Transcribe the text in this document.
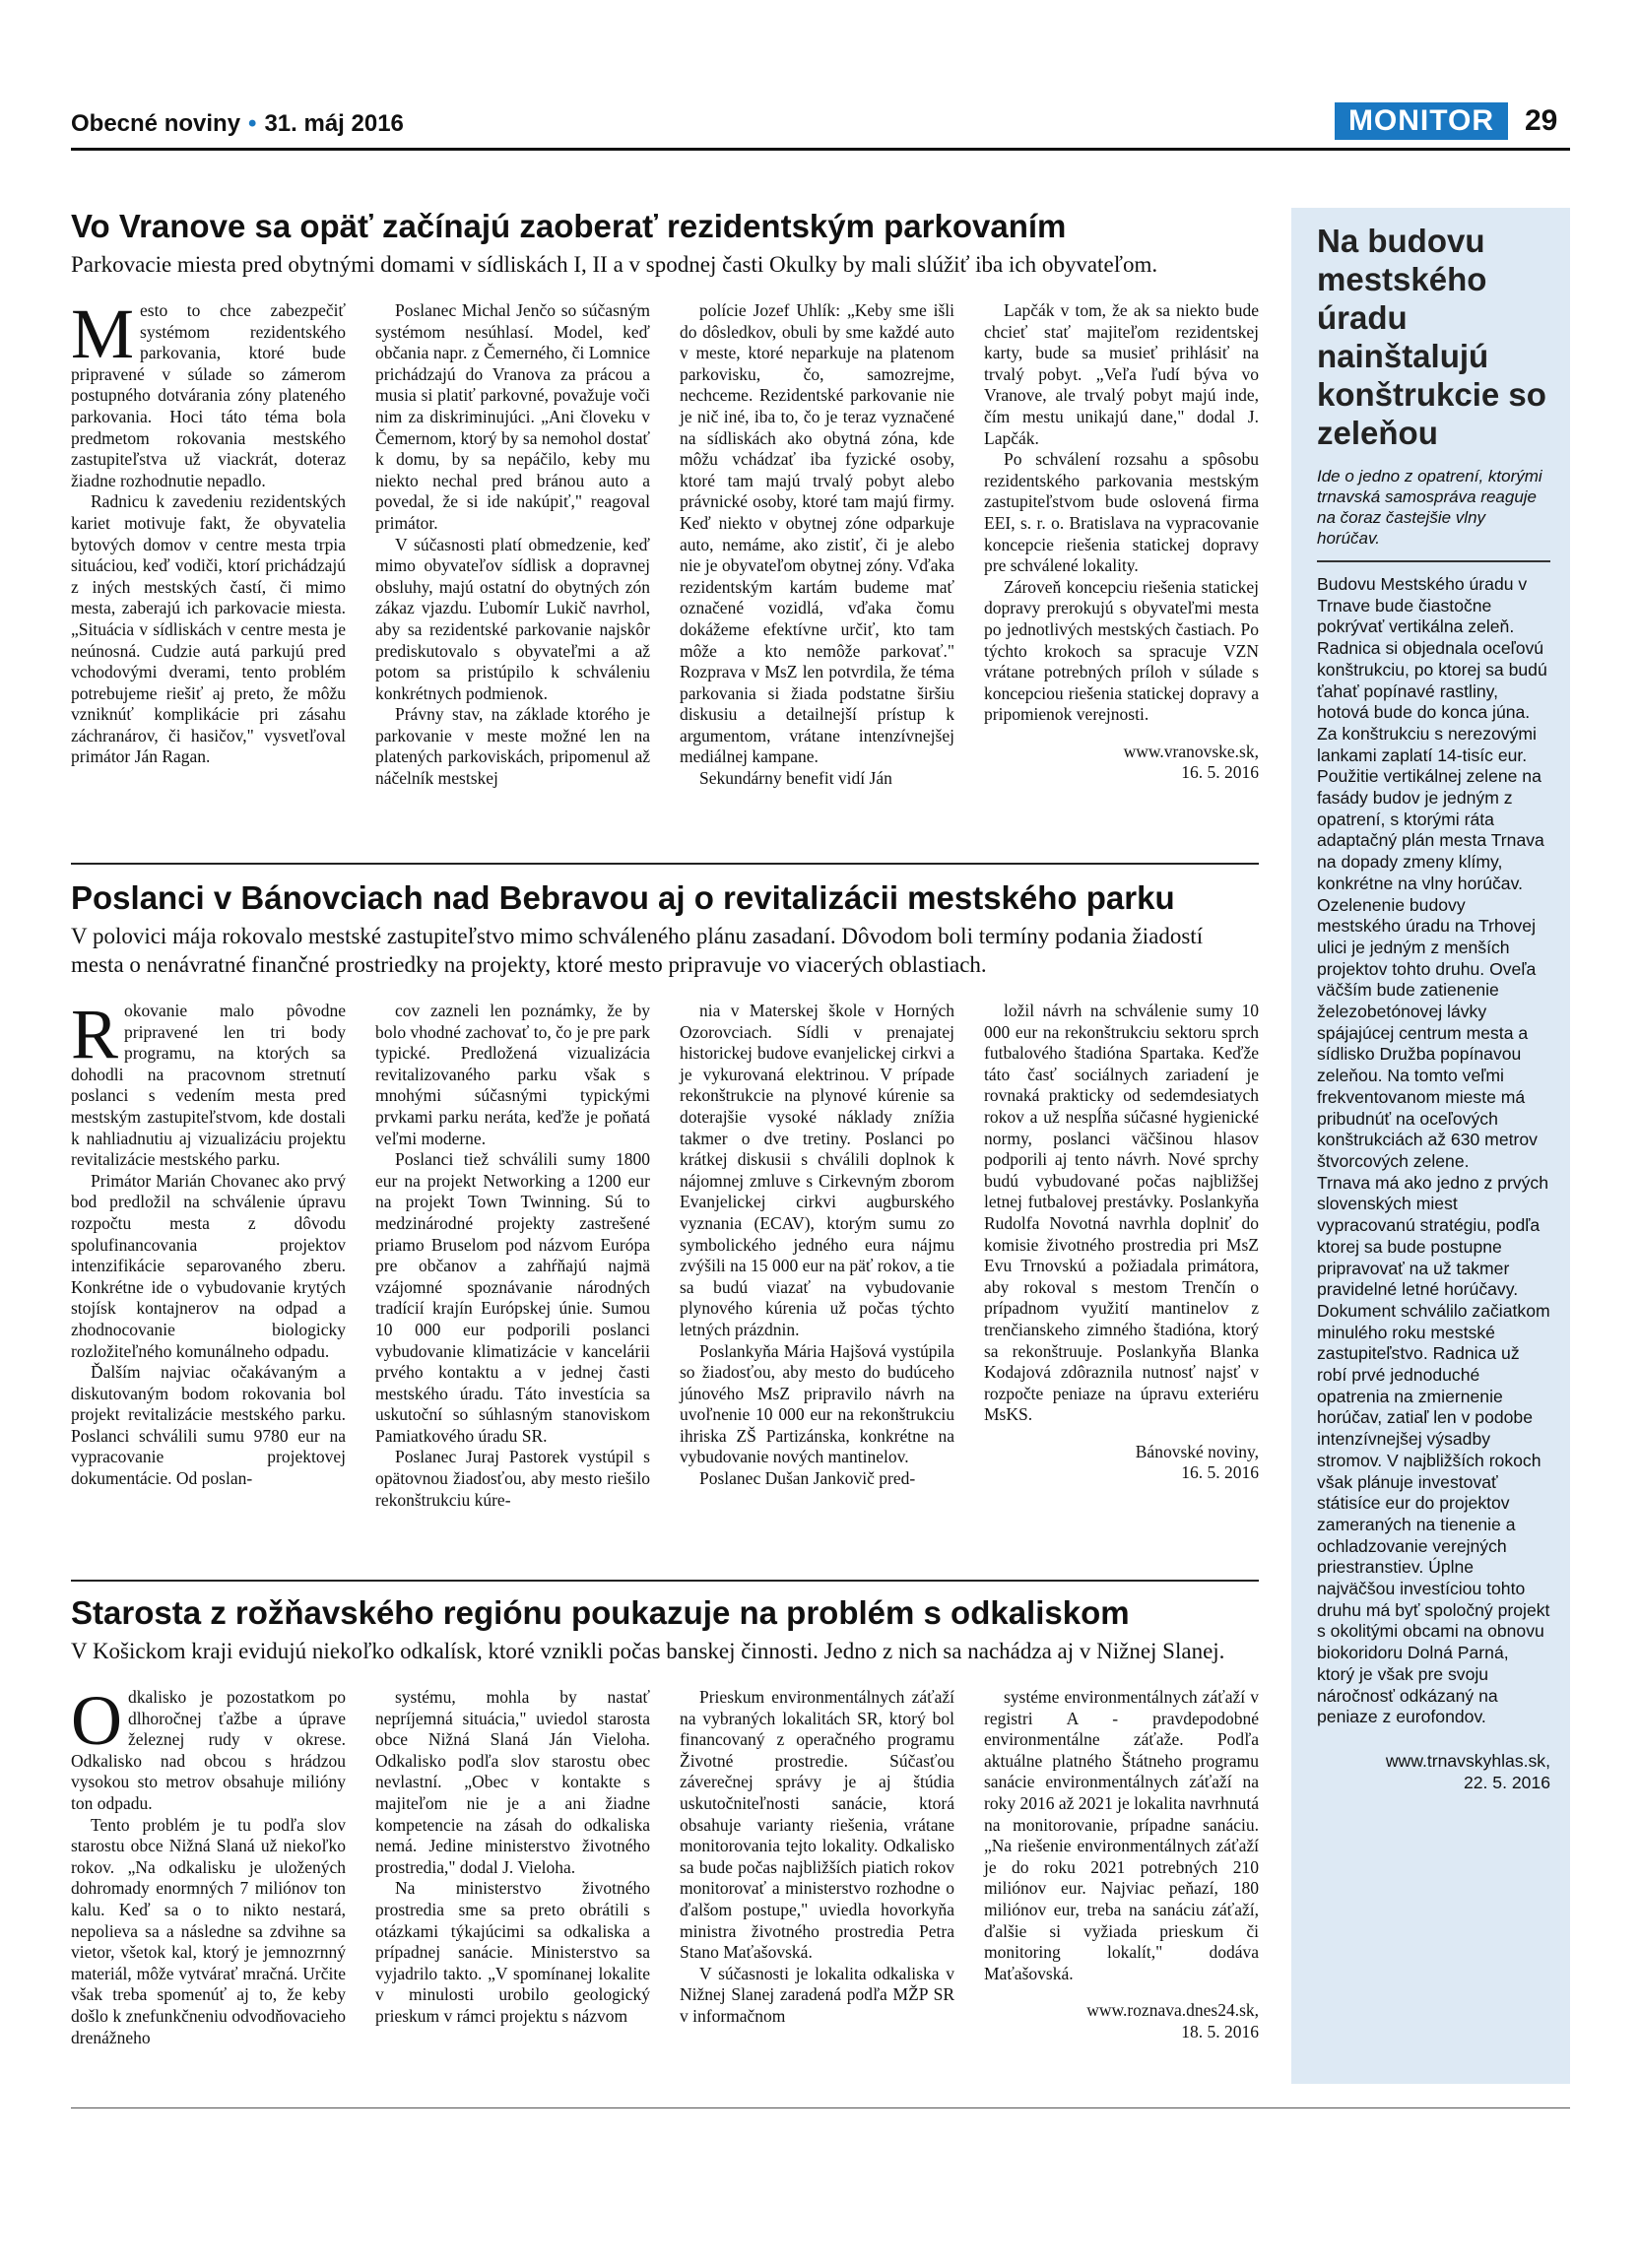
Obecné noviny • 31. máj 2016	MONITOR	29
Vo Vranove sa opäť začínajú zaoberať rezidentským parkovaním
Parkovacie miesta pred obytnými domami v sídliskách I, II a v spodnej časti Okulky by mali slúžiť iba ich obyvateľom.
M esto to chce zabezpečiť systémom rezidentského parkovania, ktoré bude pripravené v súlade so zámerom postupného dotvárania zóny plateného parkovania. Hoci táto téma bola predmetom rokovania mestského zastupiteľstva už viackrát, doteraz žiadne rozhodnutie nepadlo.

Radnicu k zavedeniu rezidentských kariet motivuje fakt, že obyvatelia bytových domov v centre mesta trpia situáciou, keď vodiči, ktorí prichádzajú z iných mestských častí, či mimo mesta, zaberajú ich parkovacie miesta. „Situácia v sídliskách v centre mesta je neúnosná. Cudzie autá parkujú pred vchodovými dverami, tento problém potrebujeme riešiť aj preto, že môžu vzniknúť komplikácie pri zásahu záchranárov, či hasičov," vysvetľoval primátor Ján Ragan.

Poslanec Michal Jenčo so súčasným systémom nesúhlasí. Model, keď občania napr. z Čemerného, či Lomnice prichádzajú do Vranova za prácou a musia si platiť parkovné, považuje voči nim za diskriminujúci. „Ani človeku v Čemernom, ktorý by sa nemohol dostať k domu, by sa nepáčilo, keby mu niekto nechal pred bránou auto a povedal, že si ide nakúpiť," reagoval primátor.

V súčasnosti platí obmedzenie, keď mimo obyvateľov sídlisk a dopravnej obsluhy, majú ostatní do obytných zón zákaz vjazdu. Ľubomír Lukič navrhol, aby sa rezidentské parkovanie najskôr prediskutovalo s obyvateľmi a až potom sa pristúpilo k schváleniu konkrétnych podmienok.

Právny stav, na základe ktorého je parkovanie v meste možné len na platených parkoviskách, pripomenul až náčelník mestskej

polície Jozef Uhlík: „Keby sme išli do dôsledkov, obuli by sme každé auto v meste, ktoré neparkuje na platenom parkovisku, čo, samozrejme, nechceme. Rezidentské parkovanie nie je nič iné, iba to, čo je teraz vyznačené na sídliskách ako obytná zóna, kde môžu vchádzať iba fyzické osoby, ktoré tam majú trvalý pobyt alebo právnické osoby, ktoré tam majú firmy. Keď niekto v obytnej zóne odparkuje auto, nemáme, ako zistiť, či je alebo nie je obyvateľom obytnej zóny. Vďaka rezidentským kartám budeme mať označené vozidlá, vďaka čomu dokážeme efektívne určiť, kto tam môže a kto nemôže parkovať." Rozprava v MsZ len potvrdila, že téma parkovania si žiada podstatne širšiu diskusiu a detailnejší prístup k argumentom, vrátane intenzívnejšej mediálnej kampane.

Sekundárny benefit vidí Ján

Lapčák v tom, že ak sa niekto bude chcieť stať majiteľom rezidentskej karty, bude sa musieť prihlásiť na trvalý pobyt. „Veľa ľudí býva vo Vranove, ale trvalý pobyt majú inde, čím mestu unikajú dane," dodal J. Lapčák.

Po schválení rozsahu a spôsobu rezidentského parkovania mestským zastupiteľstvom bude oslovená firma EEI, s. r. o. Bratislava na vypracovanie koncepcie riešenia statickej dopravy pre schválené lokality.

Zároveň koncepciu riešenia statickej dopravy prerokujú s obyvateľmi mesta po jednotlivých mestských častiach. Po týchto krokoch sa spracuje VZN vrátane potrebných príloh v súlade s koncepciou riešenia statickej dopravy a pripomienok verejnosti.

www.vranovske.sk,
16. 5. 2016
Poslanci v Bánovciach nad Bebravou aj o revitalizácii mestského parku
V polovici mája rokovalo mestské zastupiteľstvo mimo schváleného plánu zasadaní. Dôvodom boli termíny podania žiadostí mesta o nenávratné finančné prostriedky na projekty, ktoré mesto pripravuje vo viacerých oblastiach.
R okovanie malo pôvodne pripravené len tri body programu, na ktorých sa dohodli na pracovnom stretnutí poslanci s vedením mesta pred mestským zastupiteľstvom, kde dostali k nahliadnutiu aj vizualizáciu projektu revitalizácie mestského parku.

Primátor Marián Chovanec ako prvý bod predložil na schválenie úpravu rozpočtu mesta z dôvodu spolufinancovania projektov intenzifikácie separovaného zberu. Konkrétne ide o vybudovanie krytých stojísk kontajnerov na odpad a zhodnocovanie biologicky rozložiteľného komunálneho odpadu.

Ďalším najviac očakávaným a diskutovaným bodom rokovania bol projekt revitalizácie mestského parku. Poslanci schválili sumu 9780 eur na vypracovanie projektovej dokumentácie. Od poslan-

cov zazneli len poznámky, že by bolo vhodné zachovať to, čo je pre park typické. Predložená vizualizácia revitalizovaného parku však s mnohými súčasnými typickými prvkami parku neráta, keďže je poňatá veľmi moderne.

Poslanci tiež schválili sumy 1800 eur na projekt Networking a 1200 eur na projekt Town Twinning. Sú to medzinárodné projekty zastrešené priamo Bruselom pod názvom Európa pre občanov a zahŕňajú najmä vzájomné spoznávanie národných tradícií krajín Európskej únie. Sumou 10 000 eur podporili poslanci vybudovanie klimatizácie v kancelárii prvého kontaktu a v jednej časti mestského úradu. Táto investícia sa uskutoční so súhlasným stanoviskom Pamiatkového úradu SR.

Poslanec Juraj Pastorek vystúpil s opätovnou žiadosťou, aby mesto riešilo rekonštrukciu kúre-

nia v Materskej škole v Horných Ozorovciach. Sídli v prenajatej historickej budove evanjelickej cirkvi a je vykurovaná elektrinou. V prípade rekonštrukcie na plynové kúrenie sa doterajšie vysoké náklady znížia takmer o dve tretiny. Poslanci po krátkej diskusii s chválili doplnok k nájomnej zmluve s Cirkevným zborom Evanjelickej cirkvi augburského vyznania (ECAV), ktorým sumu zo symbolického jedného eura nájmu zvýšili na 15 000 eur na päť rokov, a tie sa budú viazať na vybudovanie plynového kúrenia už počas týchto letných prázdnin.

Poslankyňa Mária Hajšová vystúpila so žiadosťou, aby mesto do budúceho júnového MsZ pripravilo návrh na uvoľnenie 10 000 eur na rekonštrukciu ihriska ZŠ Partizánska, konkrétne na vybudovanie nových mantinelov.

Poslanec Dušan Jankovič pred-

ložil návrh na schválenie sumy 10 000 eur na rekonštrukciu sektoru sprch futbalového štadióna Spartaka. Keďže táto časť sociálnych zariadení je rovnaká prakticky od sedemdesiatych rokov a už nespĺňa súčasné hygienické normy, poslanci väčšinou hlasov podporili aj tento návrh. Nové sprchy budú vybudované počas najbližšej letnej futbalovej prestávky. Poslankyňa Rudolfa Novotná navrhla doplniť do komisie životného prostredia pri MsZ Evu Trnovskú a požiadala primátora, aby rokoval s mestom Trenčín o prípadnom využití mantinelov z trenčianskeho zimného štadióna, ktorý sa rekonštruuje. Poslankyňa Blanka Kodajová zdôraznila nutnosť najsť v rozpočte peniaze na úpravu exteriéru MsKS.

Bánovské noviny,
16. 5. 2016
Starosta z rožňavského regiónu poukazuje na problém s odkaliskom
V Košickom kraji evidujú niekoľko odkalísk, ktoré vznikli počas banskej činnosti. Jedno z nich sa nachádza aj v Nižnej Slanej.
O dkalisko je pozostatkom po dlhoročnej ťažbe a úprave železnej rudy v okrese. Odkalisko nad obcou s hrádzou vysokou sto metrov obsahuje milióny ton odpadu.

Tento problém je tu podľa slov starostu obce Nižná Slaná už niekoľko rokov. „Na odkalisku je uložených dohromady enormných 7 miliónov ton kalu. Keď sa o to nikto nestará, nepolieva sa a následne sa zdvihne sa vietor, všetok kal, ktorý je jemnozrnný materiál, môže vytvárať mračná. Určite však treba spomenúť aj to, že keby došlo k znefunkčneniu odvodňovacieho drenážneho

systému, mohla by nastať nepríjemná situácia," uviedol starosta obce Nižná Slaná Ján Vieloha. Odkalisko podľa slov starostu obec nevlastní. „Obec v kontakte s majiteľom nie je a ani žiadne kompetencie na zásah do odkaliska nemá. Jedine ministerstvo životného prostredia," dodal J. Vieloha.

Na ministerstvo životného prostredia sme sa preto obrátili s otázkami týkajúcimi sa odkaliska a prípadnej sanácie. Ministerstvo sa vyjadrilo takto. „V spomínanej lokalite v minulosti urobilo geologický prieskum v rámci projektu s názvom

Prieskum environmentálnych záťaží na vybraných lokalitách SR, ktorý bol financovaný z operačného programu Životné prostredie. Súčasťou záverečnej správy je aj štúdia uskutočniteľnosti sanácie, ktorá obsahuje varianty riešenia, vrátane monitorovania tejto lokality. Odkalisko sa bude počas najbližších piatich rokov monitorovať a ministerstvo rozhodne o ďalšom postupe," uviedla hovorkyňa ministra životného prostredia Petra Stano Maťašovská.

V súčasnosti je lokalita odkaliska v Nižnej Slanej zaradená podľa MŽP SR v informačnom

systéme environmentálnych záťaží v registri A - pravdepodobné environmentálne záťaže. Podľa aktuálne platného Štátneho programu sanácie environmentálnych záťaží na roky 2016 až 2021 je lokalita navrhnutá na monitorovanie, prípadne sanáciu. „Na riešenie environmentálnych záťaží je do roku 2021 potrebných 210 miliónov eur. Najviac peňazí, 180 miliónov eur, treba na sanáciu záťaží, ďalšie si vyžiada prieskum či monitoring lokalít," dodáva Maťašovská.

www.roznava.dnes24.sk,
18. 5. 2016
Na budovu mestského úradu nainštalujú konštrukcie so zeleňou
Ide o jedno z opatrení, ktorými trnavská samospráva reaguje na čoraz častejšie vlny horúčav.

Budovu Mestského úradu v Trnave bude čiastočne pokrývať vertikálna zeleň. Radnica si objednala oceľovú konštrukciu, po ktorej sa budú ťahať popínavé rastliny, hotová bude do konca júna. Za konštrukciu s nerezovými lankami zaplatí 14-tisíc eur.

Použitie vertikálnej zelene na fasády budov je jedným z opatrení, s ktorými ráta adaptačný plán mesta Trnava na dopady zmeny klímy, konkrétne na vlny horúčav.

Ozelenenie budovy mestského úradu na Trhovej ulici je jedným z menších projektov tohto druhu. Oveľa väčším bude zatienenie železobetónovej lávky spájajúcej centrum mesta a sídlisko Družba popínavou zeleňou. Na tomto veľmi frekventovanom mieste má pribudnúť na oceľových konštrukciách až 630 metrov štvorcových zelene.

Trnava má ako jedno z prvých slovenských miest vypracovanú stratégiu, podľa ktorej sa bude postupne pripravovať na už takmer pravidelné letné horúčavy. Dokument schválilo začiatkom minulého roku mestské zastupiteľstvo. Radnica už robí prvé jednoduché opatrenia na zmiernenie horúčav, zatiaľ len v podobe intenzívnejšej výsadby stromov. V najbližších rokoch však plánuje investovať státisíce eur do projektov zameraných na tienenie a ochladzovanie verejných priestranstiev. Úplne najväčšou investíciou tohto druhu má byť spoločný projekt s okolitými obcami na obnovu biokoridoru Dolná Parná, ktorý je však pre svoju náročnosť odkázaný na peniaze z eurofondov.

www.trnavskyhlas.sk,
22. 5. 2016
